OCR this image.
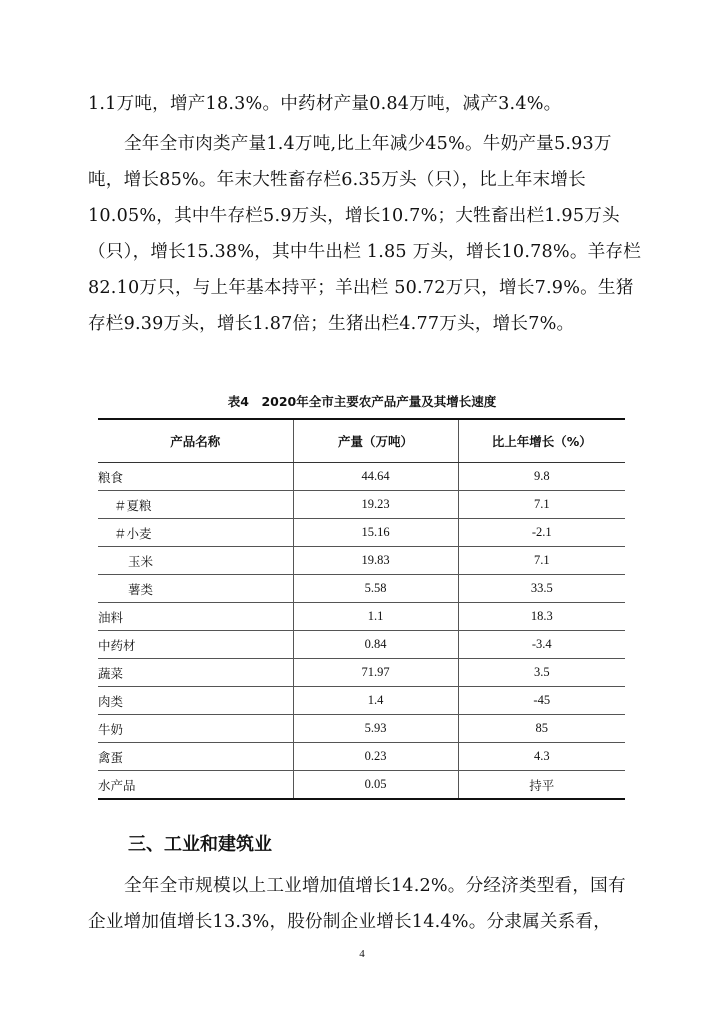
1.1万吨，增产18.3%。中药材产量0.84万吨，减产3.4%。

全年全市肉类产量1.4万吨,比上年减少45%。牛奶产量5.93万吨，增长85%。年末大牲畜存栏6.35万头（只），比上年末增长10.05%，其中牛存栏5.9万头，增长10.7%；大牲畜出栏1.95万头（只），增长15.38%，其中牛出栏 1.85 万头，增长10.78%。羊存栏82.10万只，与上年基本持平；羊出栏 50.72万只，增长7.9%。生猪存栏9.39万头，增长1.87倍；生猪出栏4.77万头，增长7%。

表4　2020年全市主要农产品产量及其增长速度
产品名称	产量（万吨）	比上年增长（%）
粮食	44.64	9.8
＃夏粮	19.23	7.1
＃小麦	15.16	-2.1
玉米	19.83	7.1
薯类	5.58	33.5
油料	1.1	18.3
中药材	0.84	-3.4
蔬菜	71.97	3.5
肉类	1.4	-45
牛奶	5.93	85
禽蛋	0.23	4.3
水产品	0.05	持平
三、工业和建筑业

全年全市规模以上工业增加值增长14.2%。分经济类型看，国有企业增加值增长13.3%，股份制企业增长14.4%。分隶属关系看，

4
